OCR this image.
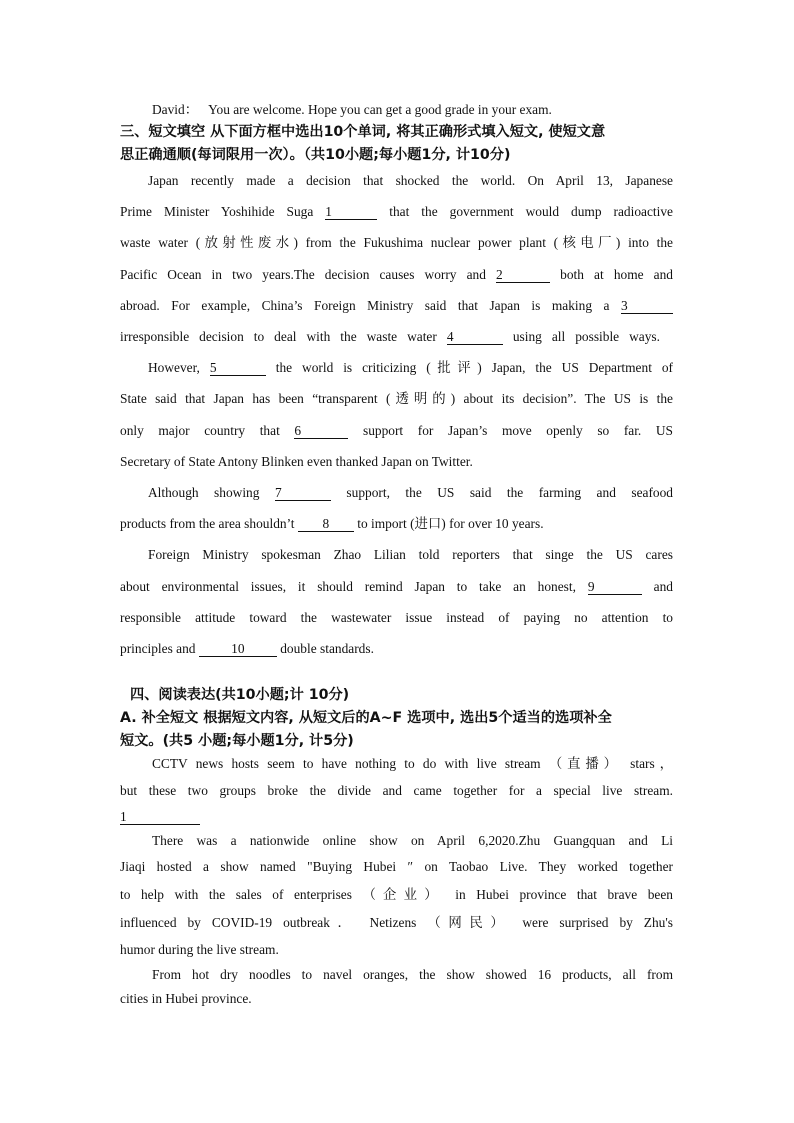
David： You are welcome. Hope you can get a good grade in your exam.
三、短文填空 从下面方框中选出10个单词, 将其正确形式填入短文, 使短文意
思正确通顺(每词限用一次）。（共10小题;每小题1分, 计10分)
Japan recently made a decision that shocked the world. On April 13, Japanese
Prime Minister Yoshihide Suga 1	that the government would dump radioactive
waste water (放射性废水) from the Fukushima nuclear power plant (核电厂) into the
Pacific Ocean in two years.The decision causes worry and 2	both at home and
abroad. For example, China’s Foreign Ministry said that Japan is making a 3
irresponsible decision to deal with the waste water 4	using all possible ways.
However, 5	the world is criticizing (批评) Japan, the US Department of
State said that Japan has been “transparent (透明的) about its decision”. The US is the
only major country that 6	support for Japan’s move openly so far. US
Secretary of State Antony Blinken even thanked Japan on Twitter.
Although showing 7	support, the US said the farming and seafood
products from the area shouldn’t 8 to import (进口) for over 10 years.
Foreign Ministry spokesman Zhao Lilian told reporters that singe the US cares
about environmental issues, it should remind Japan to take an honest, 9	and
responsible attitude toward the wastewater issue instead of paying no attention to
principles and	10	double standards.
四、阅读表达(共10小题;计 10分)
A. 补全短文 根据短文内容, 从短文后的A~F 选项中, 选出5个适当的选项补全
短文。(共5 小题;每小题1分, 计5分)
CCTV news hosts seem to have nothing to do with live stream （直播） stars，
but these two groups broke the divide and came together for a special live stream.
1
There was a nationwide online show on April 6,2020.Zhu Guangquan and Li
Jiaqi hosted a show named "Buying Hubei ″ on Taobao Live. They worked together
to help with the sales of enterprises （企业） in Hubei province that brave been
influenced by COVID-19 outbreak． Netizens （网民） were surprised by Zhu's
humor during the live stream.
From hot dry noodles to navel oranges, the show showed 16 products, all from
cities in Hubei province.
